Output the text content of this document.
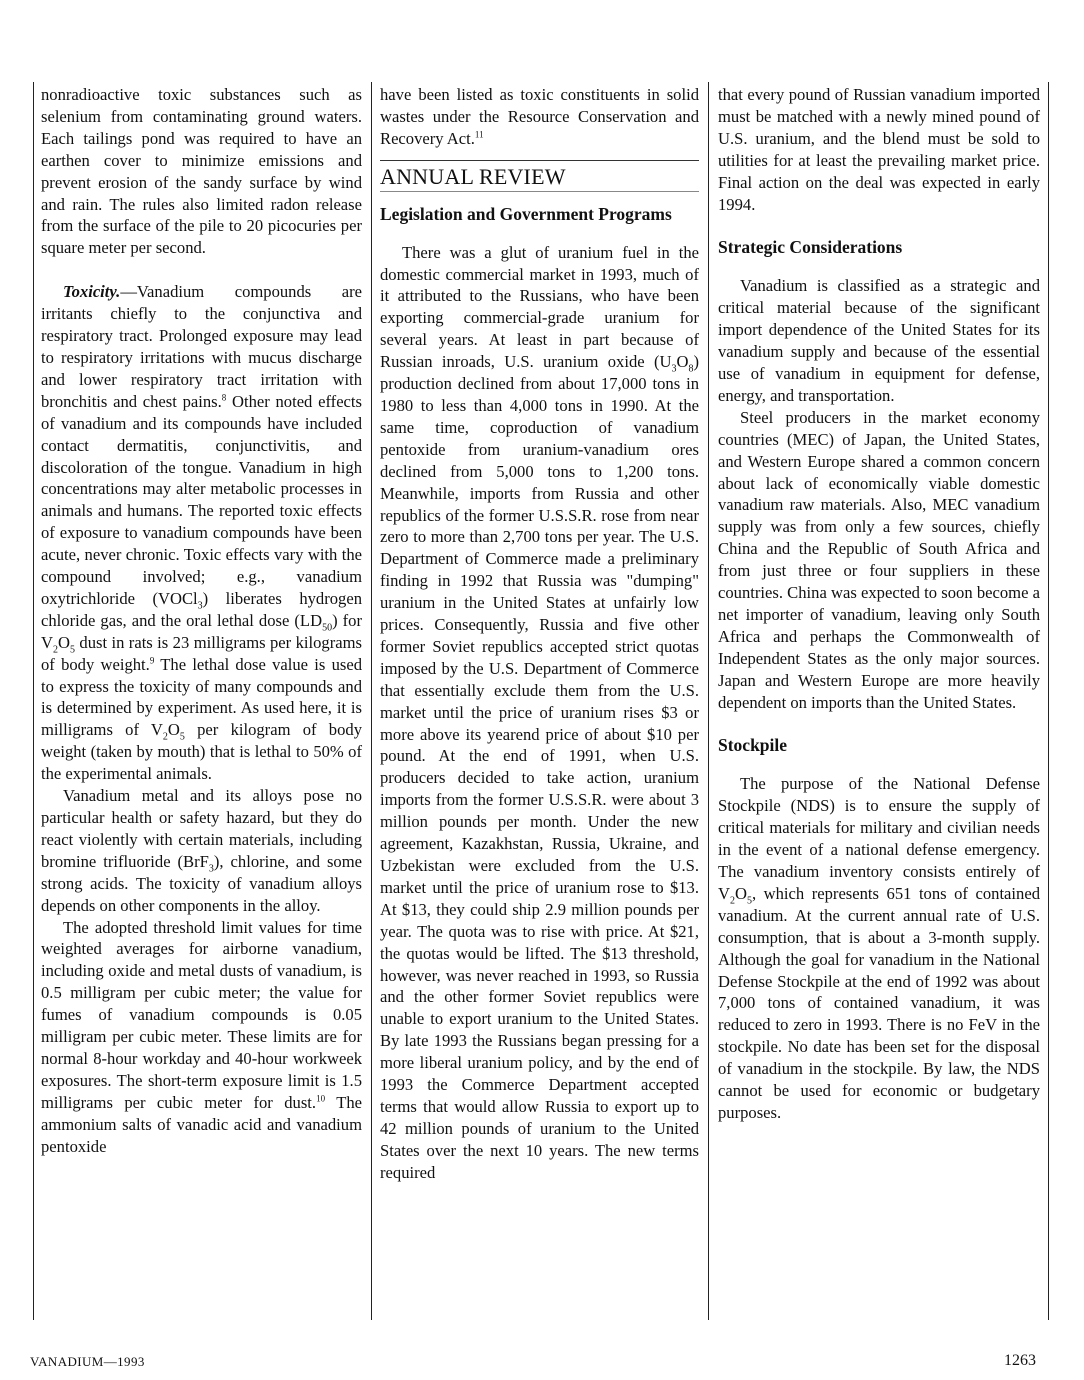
nonradioactive toxic substances such as selenium from contaminating ground waters. Each tailings pond was required to have an earthen cover to minimize emissions and prevent erosion of the sandy surface by wind and rain. The rules also limited radon release from the surface of the pile to 20 picocuries per square meter per second.

Toxicity.—Vanadium compounds are irritants chiefly to the conjunctiva and respiratory tract. Prolonged exposure may lead to respiratory irritations with mucus discharge and lower respiratory tract irritation with bronchitis and chest pains.$^8$ Other noted effects of vanadium and its compounds have included contact dermatitis, conjunctivitis, and discoloration of the tongue. Vanadium in high concentrations may alter metabolic processes in animals and humans. The reported toxic effects of exposure to vanadium compounds have been acute, never chronic. Toxic effects vary with the compound involved; e.g., vanadium oxytrichloride (VOCl$_3$) liberates hydrogen chloride gas, and the oral lethal dose $(LD_{50})$ for $V_2O_5$ dust in rats is 23 milligrams per kilograms of body weight.$^9$ The lethal dose value is used to express the toxicity of many compounds and is determined by experiment. As used here, it is milligrams of $V_2O_5$ per kilogram of body weight (taken by mouth) that is lethal to 50% of the experimental animals.

Vanadium metal and its alloys pose no particular health or safety hazard, but they do react violently with certain materials, including bromine trifluoride (BrF$_3$), chlorine, and some strong acids. The toxicity of vanadium alloys depends on other components in the alloy.

The adopted threshold limit values for time weighted averages for airborne vanadium, including oxide and metal dusts of vanadium, is 0.5 milligram per cubic meter; the value for fumes of vanadium compounds is 0.05 milligram per cubic meter. These limits are for normal 8-hour workday and 40-hour workweek exposures. The short-term exposure limit is 1.5 milligrams per cubic meter for dust.$^{10}$ The ammonium salts of vanadic acid and vanadium pentoxide

have been listed as toxic constituents in solid wastes under the Resource Conservation and Recovery Act.$^{11}$

ANNUAL REVIEW
Legislation and Government Programs

There was a glut of uranium fuel in the domestic commercial market in 1993, much of it attributed to the Russians, who have been exporting commercial-grade uranium for several years. At least in part because of Russian inroads, U.S. uranium oxide $(U_3O_8)$ production declined from about 17,000 tons in 1980 to less than 4,000 tons in 1990. At the same time, coproduction of vanadium pentoxide from uranium-vanadium ores declined from 5,000 tons to 1,200 tons. Meanwhile, imports from Russia and other republics of the former U.S.S.R. rose from near zero to more than 2,700 tons per year. The U.S. Department of Commerce made a preliminary finding in 1992 that Russia was "dumping" uranium in the United States at unfairly low prices. Consequently, Russia and five other former Soviet republics accepted strict quotas imposed by the U.S. Department of Commerce that essentially exclude them from the U.S. market until the price of uranium rises $3 or more above its yearend price of about $10 per pound. At the end of 1991, when U.S. producers decided to take action, uranium imports from the former U.S.S.R. were about 3 million pounds per month. Under the new agreement, Kazakhstan, Russia, Ukraine, and Uzbekistan were excluded from the U.S. market until the price of uranium rose to $13. At $13, they could ship 2.9 million pounds per year. The quota was to rise with price. At $21, the quotas would be lifted. The $13 threshold, however, was never reached in 1993, so Russia and the other former Soviet republics were unable to export uranium to the United States. By late 1993 the Russians began pressing for a more liberal uranium policy, and by the end of 1993 the Commerce Department accepted terms that would allow Russia to export up to 42 million pounds of uranium to the United States over the next 10 years. The new terms required

that every pound of Russian vanadium imported must be matched with a newly mined pound of U.S. uranium, and the blend must be sold to utilities for at least the prevailing market price. Final action on the deal was expected in early 1994.

Strategic Considerations

Vanadium is classified as a strategic and critical material because of the significant import dependence of the United States for its vanadium supply and because of the essential use of vanadium in equipment for defense, energy, and transportation.

Steel producers in the market economy countries (MEC) of Japan, the United States, and Western Europe shared a common concern about lack of economically viable domestic vanadium raw materials. Also, MEC vanadium supply was from only a few sources, chiefly China and the Republic of South Africa and from just three or four suppliers in these countries. China was expected to soon become a net importer of vanadium, leaving only South Africa and perhaps the Commonwealth of Independent States as the only major sources. Japan and Western Europe are more heavily dependent on imports than the United States.

Stockpile

The purpose of the National Defense Stockpile (NDS) is to ensure the supply of critical materials for military and civilian needs in the event of a national defense emergency. The vanadium inventory consists entirely of $V_2O_5$, which represents 651 tons of contained vanadium. At the current annual rate of U.S. consumption, that is about a 3-month supply. Although the goal for vanadium in the National Defense Stockpile at the end of 1992 was about 7,000 tons of contained vanadium, it was reduced to zero in 1993. There is no FeV in the stockpile. No date has been set for the disposal of vanadium in the stockpile. By law, the NDS cannot be used for economic or budgetary purposes.

VANADIUM—1993	1263
